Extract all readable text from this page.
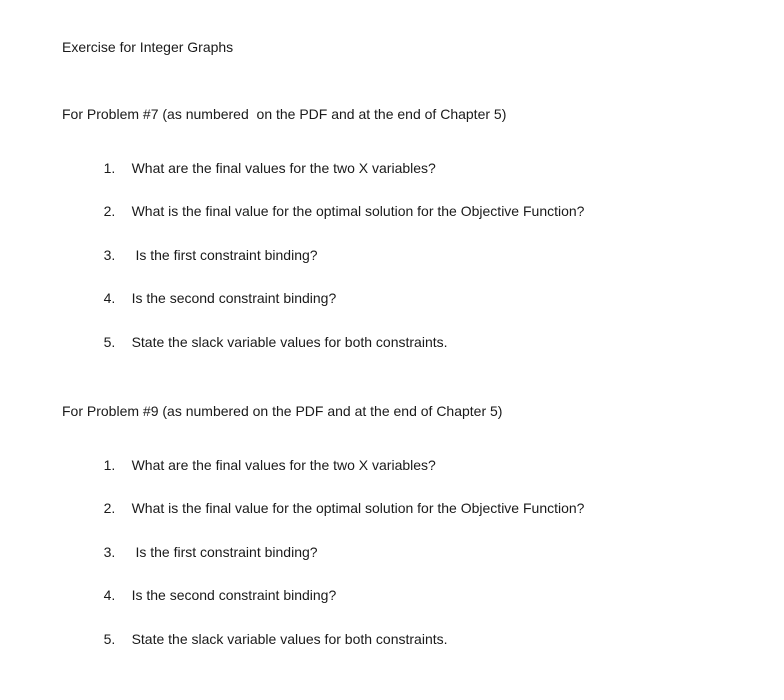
Exercise for Integer Graphs
For Problem #7 (as numbered  on the PDF and at the end of Chapter 5)

1. What are the final values for the two X variables?

2. What is the final value for the optimal solution for the Objective Function?

3. Is the first constraint binding?

4. Is the second constraint binding?

5. State the slack variable values for both constraints.

For Problem #9 (as numbered on the PDF and at the end of Chapter 5)

1. What are the final values for the two X variables?

2. What is the final value for the optimal solution for the Objective Function?

3. Is the first constraint binding?

4. Is the second constraint binding?

5. State the slack variable values for both constraints.
